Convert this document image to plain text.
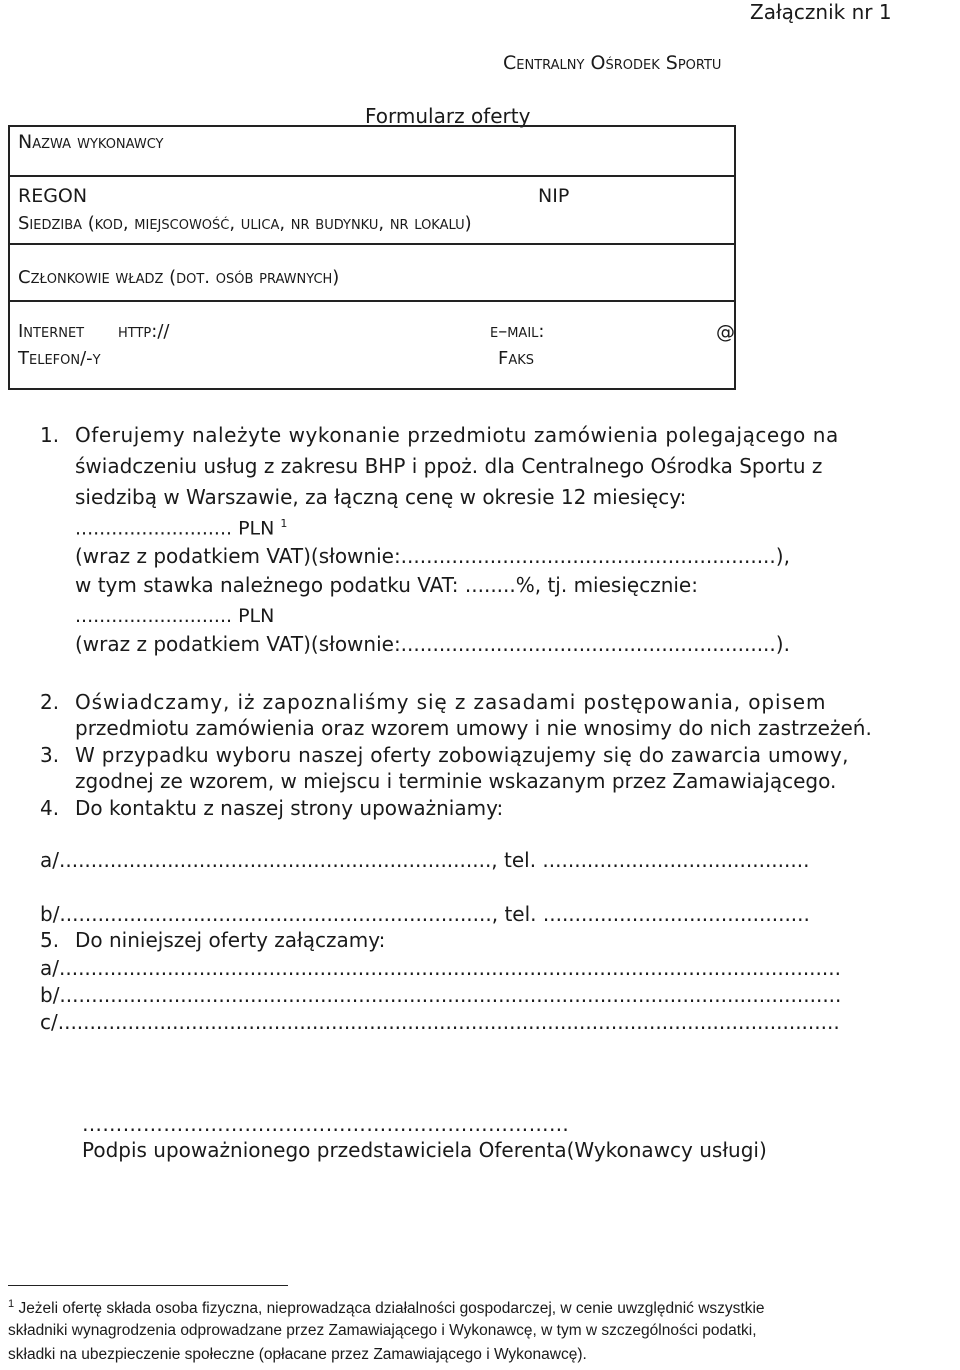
Załącznik nr 1
Centralny Ośrodek Sportu
Formularz oferty
Nazwa wykonawcy
REGON	NIP
Siedziba (kod, miejscowość, ulica, nr budynku, nr lokalu)
Członkowie władz (dot. osób prawnych)
Internet http://	e–mail:	@
Telefon/-y	Faks
1. Oferujemy należyte wykonanie przedmiotu zamówienia polegającego na
świadczeniu usług z zakresu BHP i ppoż. dla Centralnego Ośrodka Sportu z
siedzibą w Warszawie, za łączną cenę w okresie 12 miesięcy:
.......................... PLN $^1$
(wraz z podatkiem VAT)(słownie:...........................................................),
w tym stawka należnego podatku VAT: ........%, tj. miesięcznie:
.......................... PLN
(wraz z podatkiem VAT)(słownie:...........................................................).
2. Oświadczamy, iż zapoznaliśmy się z zasadami postępowania, opisem
przedmiotu zamówienia oraz wzorem umowy i nie wnosimy do nich zastrzeżeń.
3. W przypadku wyboru naszej oferty zobowiązujemy się do zawarcia umowy,
zgodnej ze wzorem, w miejscu i terminie wskazanym przez Zamawiającego.
4. Do kontaktu z naszej strony upoważniamy:
a/...................................................................., tel. ..........................................
b/...................................................................., tel. ..........................................
5. Do niniejszej oferty załączamy:
a/...........................................................................................................................
b/...........................................................................................................................
c/...........................................................................................................................
………………………………………………………………
Podpis upoważnionego przedstawiciela Oferenta(Wykonawcy usługi)
$^1$ Jeżeli ofertę składa osoba fizyczna, nieprowadząca działalności gospodarczej, w cenie uwzględnić wszystkie
składniki wynagrodzenia odprowadzane przez Zamawiającego i Wykonawcę, w tym w szczególności podatki,
składki na ubezpieczenie społeczne (opłacane przez Zamawiającego i Wykonawcę).
